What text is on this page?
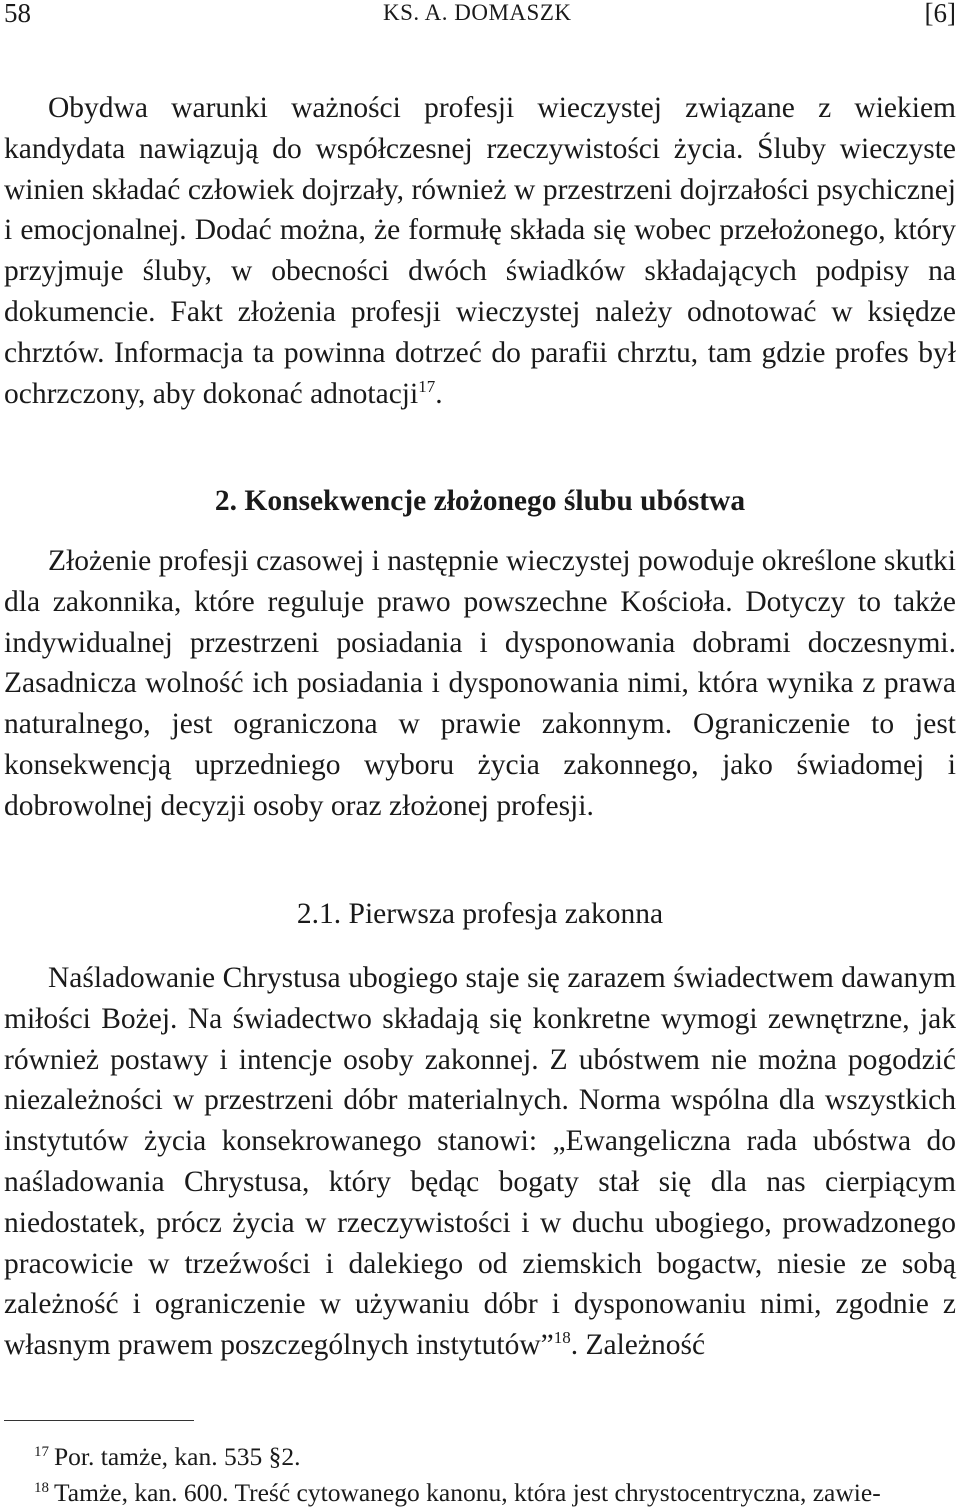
58	KS. A. DOMASZK	[6]

Obydwa warunki ważności profesji wieczystej związane z wiekiem kandydata nawiązują do współczesnej rzeczywistości życia. Śluby wieczyste winien składać człowiek dojrzały, również w przestrzeni dojrzałości psychicznej i emocjonalnej. Dodać można, że formułę składa się wobec przełożonego, który przyjmuje śluby, w obecności dwóch świadków składających podpisy na dokumencie. Fakt złożenia profesji wieczystej należy odnotować w księdze chrztów. Informacja ta powinna dotrzeć do parafii chrztu, tam gdzie profes był ochrzczony, aby dokonać adnotacji$^{17}$.

2. Konsekwencje złożonego ślubu ubóstwa

Złożenie profesji czasowej i następnie wieczystej powoduje określone skutki dla zakonnika, które reguluje prawo powszechne Kościoła. Dotyczy to także indywidualnej przestrzeni posiadania i dysponowania dobrami doczesnymi. Zasadnicza wolność ich posiadania i dysponowania nimi, która wynika z prawa naturalnego, jest ograniczona w prawie zakonnym. Ograniczenie to jest konsekwencją uprzedniego wyboru życia zakonnego, jako świadomej i dobrowolnej decyzji osoby oraz złożonej profesji.

2.1. Pierwsza profesja zakonna

Naśladowanie Chrystusa ubogiego staje się zarazem świadectwem dawanym miłości Bożej. Na świadectwo składają się konkretne wymogi zewnętrzne, jak również postawy i intencje osoby zakonnej. Z ubóstwem nie można pogodzić niezależności w przestrzeni dóbr materialnych. Norma wspólna dla wszystkich instytutów życia konsekrowanego stanowi: „Ewangeliczna rada ubóstwa do naśladowania Chrystusa, który będąc bogaty stał się dla nas cierpiącym niedostatek, prócz życia w rzeczywistości i w duchu ubogiego, prowadzonego pracowicie w trzeźwości i dalekiego od ziemskich bogactw, niesie ze sobą zależność i ograniczenie w używaniu dóbr i dysponowaniu nimi, zgodnie z własnym prawem poszczególnych instytutów”$^{18}$. Zależność

$^{17}$ Por. tamże, kan. 535 §2.
$^{18}$ Tamże, kan. 600. Treść cytowanego kanonu, która jest chrystocentryczna, zawie-
